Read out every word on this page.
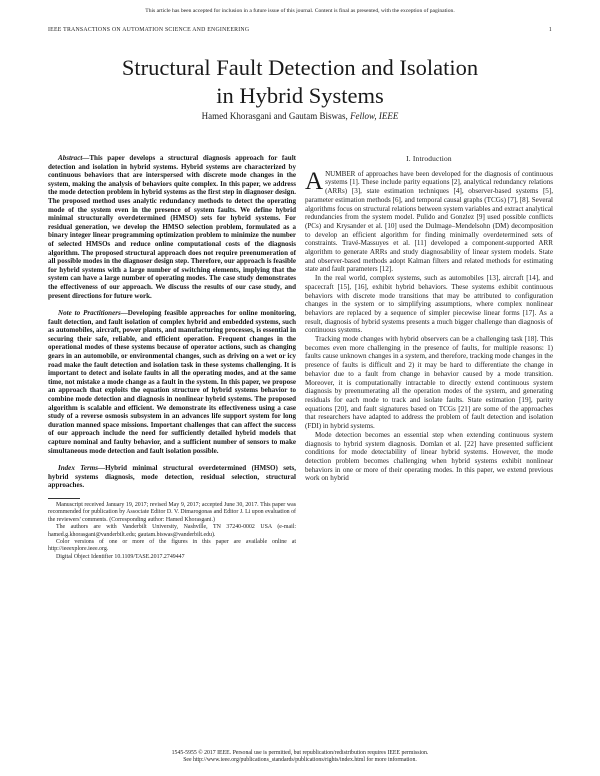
This article has been accepted for inclusion in a future issue of this journal. Content is final as presented, with the exception of pagination.
IEEE TRANSACTIONS ON AUTOMATION SCIENCE AND ENGINEERING	1
Structural Fault Detection and Isolation
in Hybrid Systems
Hamed Khorasgani and Gautam Biswas, Fellow, IEEE

Abstract—This paper develops a structural diagnosis approach for fault detection and isolation in hybrid systems. Hybrid systems are characterized by continuous behaviors that are interspersed with discrete mode changes in the system, making the analysis of behaviors quite complex. In this paper, we address the mode detection problem in hybrid systems as the first step in diagnoser design. The proposed method uses analytic redundancy methods to detect the operating mode of the system even in the presence of system faults. We define hybrid minimal structurally overdetermined (HMSO) sets for hybrid systems. For residual generation, we develop the HMSO selection problem, formulated as a binary integer linear programming optimization problem to minimize the number of selected HMSOs and reduce online computational costs of the diagnosis algorithm. The proposed structural approach does not require preenumeration of all possible modes in the diagnoser design step. Therefore, our approach is feasible for hybrid systems with a large number of switching elements, implying that the system can have a large number of operating modes. The case study demonstrates the effectiveness of our approach. We discuss the results of our case study, and present directions for future work.

Note to Practitioners—Developing feasible approaches for online monitoring, fault detection, and fault isolation of complex hybrid and embedded systems, such as automobiles, aircraft, power plants, and manufacturing processes, is essential in securing their safe, reliable, and efficient operation. Frequent changes in the operational modes of these systems because of operator actions, such as changing gears in an automobile, or environmental changes, such as driving on a wet or icy road make the fault detection and isolation task in these systems challenging. It is important to detect and isolate faults in all the operating modes, and at the same time, not mistake a mode change as a fault in the system. In this paper, we propose an approach that exploits the equation structure of hybrid systems behavior to combine mode detection and diagnosis in nonlinear hybrid systems. The proposed algorithm is scalable and efficient. We demonstrate its effectiveness using a case study of a reverse osmosis subsystem in an advances life support system for long duration manned space missions. Important challenges that can affect the success of our approach include the need for sufficiently detailed hybrid models that capture nominal and faulty behavior, and a sufficient number of sensors to make simultaneous mode detection and fault isolation possible.

Index Terms—Hybrid minimal structural overdetermined (HMSO) sets, hybrid systems diagnosis, mode detection, residual selection, structural approaches.

Manuscript received January 19, 2017; revised May 9, 2017; accepted June 30, 2017. This paper was recommended for publication by Associate Editor D. V. Dimarogonas and Editor J. Li upon evaluation of the reviewers' comments. (Corresponding author: Hamed Khorasgani.)

The authors are with Vanderbilt University, Nashville, TN 37240-0002 USA (e-mail: hamed.g.khorasgani@vanderbilt.edu; gautam.biswas@vanderbilt.edu).

Color versions of one or more of the figures in this paper are available online at http://ieeexplore.ieee.org.

Digital Object Identifier 10.1109/TASE.2017.2749447

I. Introduction

ANUMBER of approaches have been developed for the diagnosis of continuous systems [1]. These include parity equations [2], analytical redundancy relations (ARRs) [3], state estimation techniques [4], observer-based systems [5], parameter estimation methods [6], and temporal causal graphs (TCGs) [7], [8]. Several algorithms focus on structural relations between system variables and extract analytical redundancies from the system model. Pulido and Gonzlez [9] used possible conflicts (PCs) and Krysander et al. [10] used the Dulmage–Mendelsohn (DM) decomposition to develop an efficient algorithm for finding minimally overdetermined sets of constraints. Travé-Massuyes et al. [11] developed a component-supported ARR algorithm to generate ARRs and study diagnosability of linear system models. State and observer-based methods adopt Kalman filters and related methods for estimating state and fault parameters [12].

In the real world, complex systems, such as automobiles [13], aircraft [14], and spacecraft [15], [16], exhibit hybrid behaviors. These systems exhibit continuous behaviors with discrete mode transitions that may be attributed to configuration changes in the system or to simplifying assumptions, where complex nonlinear behaviors are replaced by a sequence of simpler piecewise linear forms [17]. As a result, diagnosis of hybrid systems presents a much bigger challenge than diagnosis of continuous systems.

Tracking mode changes with hybrid observers can be a challenging task [18]. This becomes even more challenging in the presence of faults, for multiple reasons: 1) faults cause unknown changes in a system, and therefore, tracking mode changes in the presence of faults is difficult and 2) it may be hard to differentiate the change in behavior due to a fault from change in behavior caused by a mode transition. Moreover, it is computationally intractable to directly extend continuous system diagnosis by preenumerating all the operation modes of the system, and generating residuals for each mode to track and isolate faults. State estimation [19], parity equations [20], and fault signatures based on TCGs [21] are some of the approaches that researchers have adapted to address the problem of fault detection and isolation (FDI) in hybrid systems.

Mode detection becomes an essential step when extending continuous system diagnosis to hybrid system diagnosis. Domlan et al. [22] have presented sufficient conditions for mode detectability of linear hybrid systems. However, the mode detection problem becomes challenging when hybrid systems exhibit nonlinear behaviors in one or more of their operating modes. In this paper, we extend previous work on hybrid

1545-5955 © 2017 IEEE. Personal use is permitted, but republication/redistribution requires IEEE permission.
See http://www.ieee.org/publications_standards/publications/rights/index.html for more information.
